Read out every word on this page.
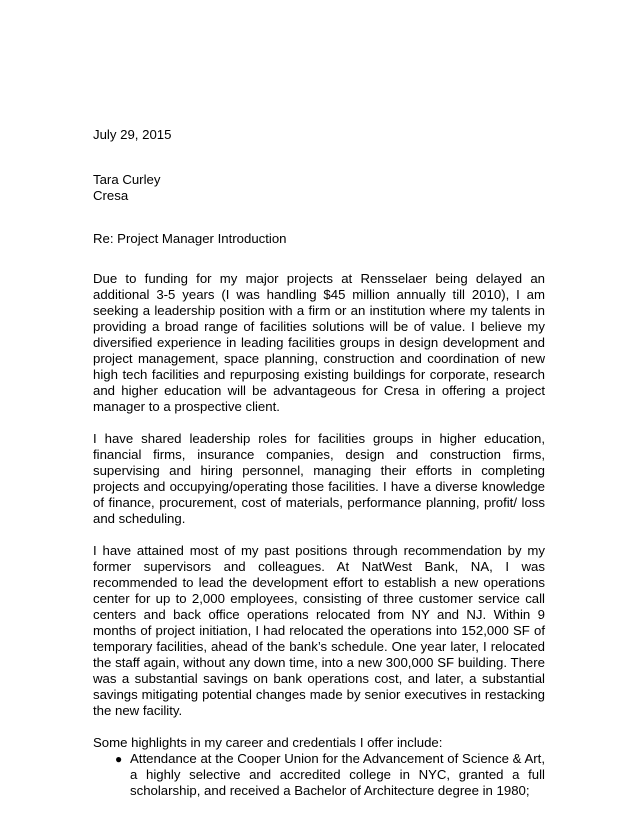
July 29, 2015

Tara Curley
Cresa

Re: Project Manager Introduction

Due to funding for my major projects at Rensselaer being delayed an additional 3-5 years (I was handling $45 million annually till 2010), I am seeking a leadership position with a firm or an institution where my talents in providing a broad range of facilities solutions will be of value. I believe my diversified experience in leading facilities groups in design development and project management, space planning, construction and coordination of new high tech facilities and repurposing existing buildings for corporate, research and higher education will be advantageous for Cresa in offering a project manager to a prospective client.

I have shared leadership roles for facilities groups in higher education, financial firms, insurance companies, design and construction firms, supervising and hiring personnel, managing their efforts in completing projects and occupying/operating those facilities. I have a diverse knowledge of finance, procurement, cost of materials, performance planning, profit/ loss and scheduling.

I have attained most of my past positions through recommendation by my former supervisors and colleagues. At NatWest Bank, NA, I was recommended to lead the development effort to establish a new operations center for up to 2,000 employees, consisting of three customer service call centers and back office operations relocated from NY and NJ. Within 9 months of project initiation, I had relocated the operations into 152,000 SF of temporary facilities, ahead of the bank’s schedule. One year later, I relocated the staff again, without any down time, into a new 300,000 SF building. There was a substantial savings on bank operations cost, and later, a substantial savings mitigating potential changes made by senior executives in restacking the new facility.

Some highlights in my career and credentials I offer include:

● Attendance at the Cooper Union for the Advancement of Science & Art, a highly selective and accredited college in NYC, granted a full scholarship, and received a Bachelor of Architecture degree in 1980;
